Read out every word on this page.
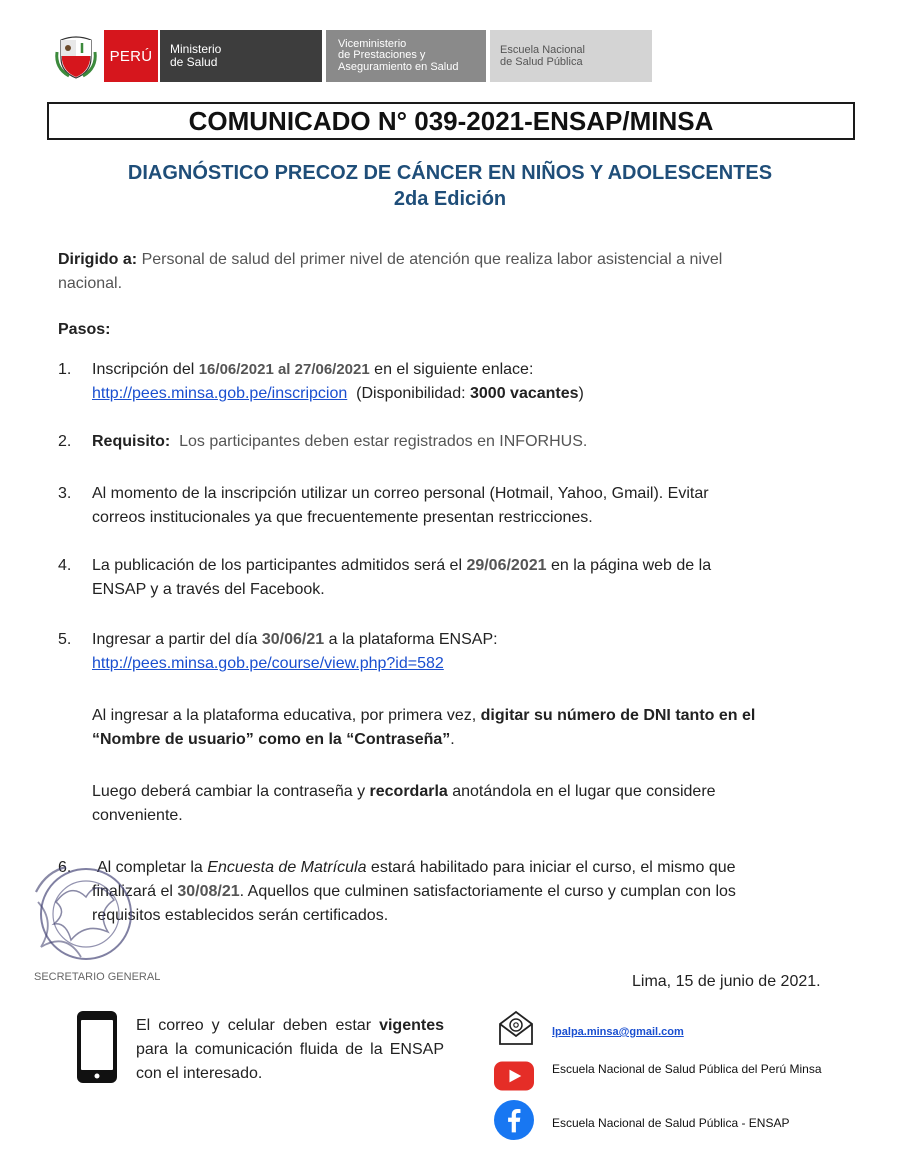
PERÚ Ministerio
de Salud
Viceministerio
de Prestaciones y
Aseguramiento en Salud
Escuela Nacional
de Salud Pública
COMUNICADO N° 039-2021-ENSAP/MINSA
DIAGNÓSTICO PRECOZ DE CÁNCER EN NIÑOS Y ADOLESCENTES
2da Edición
Dirigido a: Personal de salud del primer nivel de atención que realiza labor asistencial a nivel
nacional.
Pasos:
1.	Inscripción del 16/06/2021 al 27/06/2021 en el siguiente enlace:
http://pees.minsa.gob.pe/inscripcion (Disponibilidad: 3000 vacantes)
2.	Requisito: Los participantes deben estar registrados en INFORHUS.
3.	Al momento de la inscripción utilizar un correo personal (Hotmail, Yahoo, Gmail). Evitar
correos institucionales ya que frecuentemente presentan restricciones.
4.	La publicación de los participantes admitidos será el 29/06/2021 en la página web de la
ENSAP y a través del Facebook.
5.	Ingresar a partir del día 30/06/21 a la plataforma ENSAP:
http://pees.minsa.gob.pe/course/view.php?id=582
Al ingresar a la plataforma educativa, por primera vez, digitar su número de DNI tanto en el
“Nombre de usuario” como en la “Contraseña”.
Luego deberá cambiar la contraseña y recordarla anotándola en el lugar que considere
conveniente.
6.	Al completar la Encuesta de Matrícula estará habilitado para iniciar el curso, el mismo que
finalizará el 30/08/21. Aquellos que culminen satisfactoriamente el curso y cumplan con los
requisitos establecidos serán certificados.
SECRETARIO GENERAL	Lima, 15 de junio de 2021.
El correo y celular deben estar vigentes para la comunicación fluida de la ENSAP con el interesado.
lpalpa.minsa@gmail.com
Escuela Nacional de Salud Pública del Perú Minsa
Escuela Nacional de Salud Pública - ENSAP
